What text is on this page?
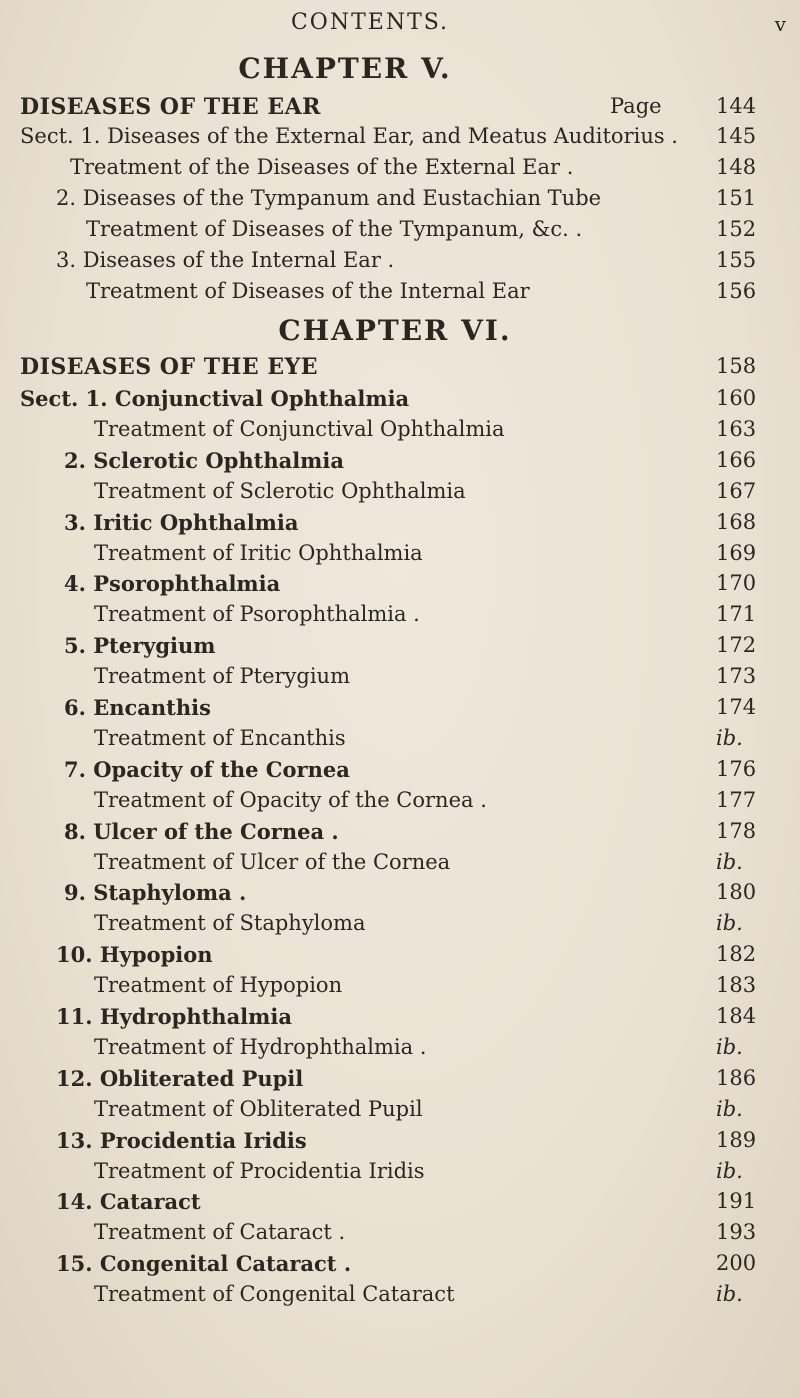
CONTENTS.	v
CHAPTER V.
DISEASES OF THE EAR	Page	144
Sect. 1. Diseases of the External Ear, and Meatus Auditorius . 145
Treatment of the Diseases of the External Ear .	148
2. Diseases of the Tympanum and Eustachian Tube	151
Treatment of Diseases of the Tympanum, &c. .	152
3. Diseases of the Internal Ear .	155
Treatment of Diseases of the Internal Ear	156
CHAPTER VI.
DISEASES OF THE EYE	158
Sect. 1. Conjunctival Ophthalmia	160
Treatment of Conjunctival Ophthalmia	163
2. Sclerotic Ophthalmia	166
Treatment of Sclerotic Ophthalmia	167
3. Iritic Ophthalmia	168
Treatment of Iritic Ophthalmia	169
4. Psorophthalmia	170
Treatment of Psorophthalmia .	171
5. Pterygium	172
Treatment of Pterygium	173
6. Encanthis	174
Treatment of Encanthis	ib.
7. Opacity of the Cornea	176
Treatment of Opacity of the Cornea .	177
8. Ulcer of the Cornea .	178
Treatment of Ulcer of the Cornea	ib.
9. Staphyloma .	180
Treatment of Staphyloma	ib.
10. Hypopion	182
Treatment of Hypopion	183
11. Hydrophthalmia	184
Treatment of Hydrophthalmia .	ib.
12. Obliterated Pupil	186
Treatment of Obliterated Pupil	ib.
13. Procidentia Iridis	189
Treatment of Procidentia Iridis	ib.
14. Cataract	191
Treatment of Cataract .	193
15. Congenital Cataract .	200
Treatment of Congenital Cataract	ib.
